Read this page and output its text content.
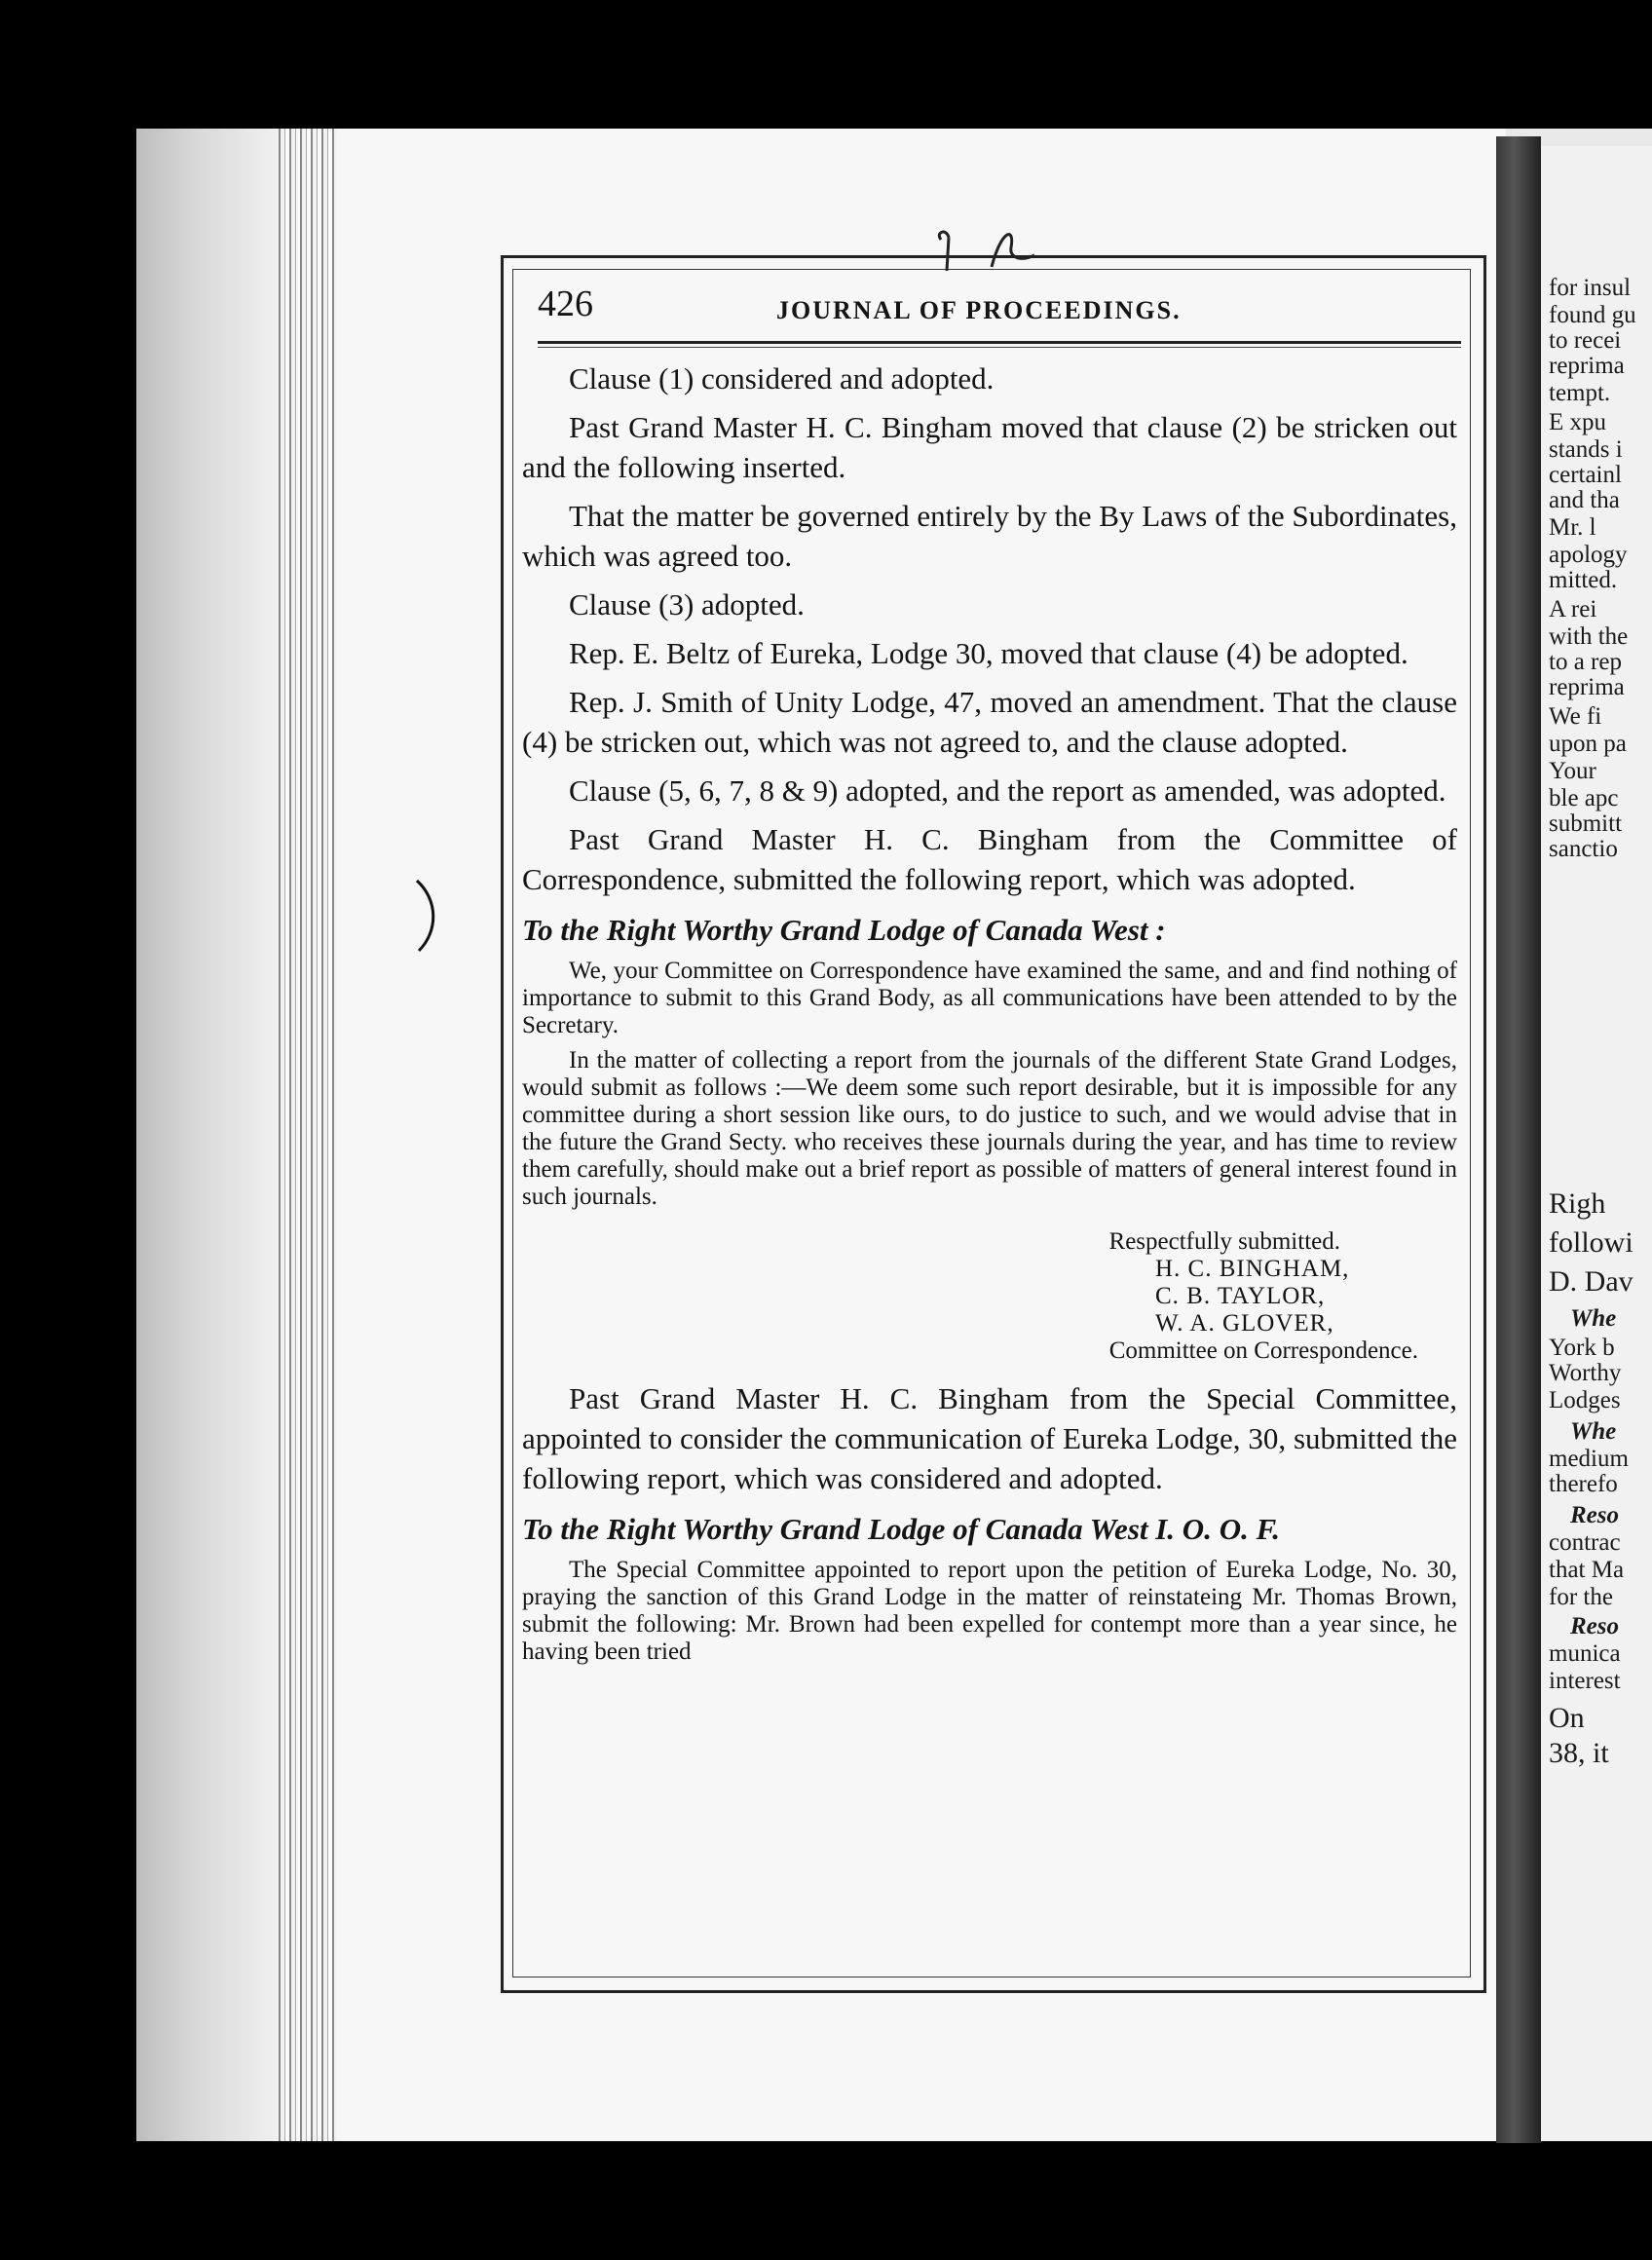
for insul
found gu
to recei
reprima
tempt.
E xpu
stands i
certainl
and tha
Mr. l
apology
mitted.
A rei
with the
to a rep
reprima
We fi
upon pa
Your
ble apc
submitt
sanctio
Righ
followi
D. Dav
Whe
York b
Worthy
Lodges
Whe
medium
therefo
Reso
contrac
that Ma
for the
Reso
munica
interest
On
38, it
426	JOURNAL OF PROCEEDINGS.

Clause (1) considered and adopted.

Past Grand Master H. C. Bingham moved that clause (2) be stricken out and the following inserted.

That the matter be governed entirely by the By Laws of the Subordinates, which was agreed too.

Clause (3) adopted.

Rep. E. Beltz of Eureka, Lodge 30, moved that clause (4) be adopted.

Rep. J. Smith of Unity Lodge, 47, moved an amendment. That the clause (4) be stricken out, which was not agreed to, and the clause adopted.

Clause (5, 6, 7, 8 & 9) adopted, and the report as amended, was adopted.

Past Grand Master H. C. Bingham from the Committee of Correspondence, submitted the following report, which was adopted.

To the Right Worthy Grand Lodge of Canada West :

We, your Committee on Correspondence have examined the same, and and find nothing of importance to submit to this Grand Body, as all communications have been attended to by the Secretary.

In the matter of collecting a report from the journals of the different State Grand Lodges, would submit as follows :—We deem some such report desirable, but it is impossible for any committee during a short session like ours, to do justice to such, and we would advise that in the future the Grand Secty. who receives these journals during the year, and has time to review them carefully, should make out a brief report as possible of matters of general interest found in such journals.

Respectfully submitted.
H. C. BINGHAM,
C. B. TAYLOR,
W. A. GLOVER,
Committee on Correspondence.

Past Grand Master H. C. Bingham from the Special Committee, appointed to consider the communication of Eureka Lodge, 30, submitted the following report, which was considered and adopted.

To the Right Worthy Grand Lodge of Canada West I. O. O. F.

The Special Committee appointed to report upon the petition of Eureka Lodge, No. 30, praying the sanction of this Grand Lodge in the matter of reinstateing Mr. Thomas Brown, submit the following: Mr. Brown had been expelled for contempt more than a year since, he having been tried
